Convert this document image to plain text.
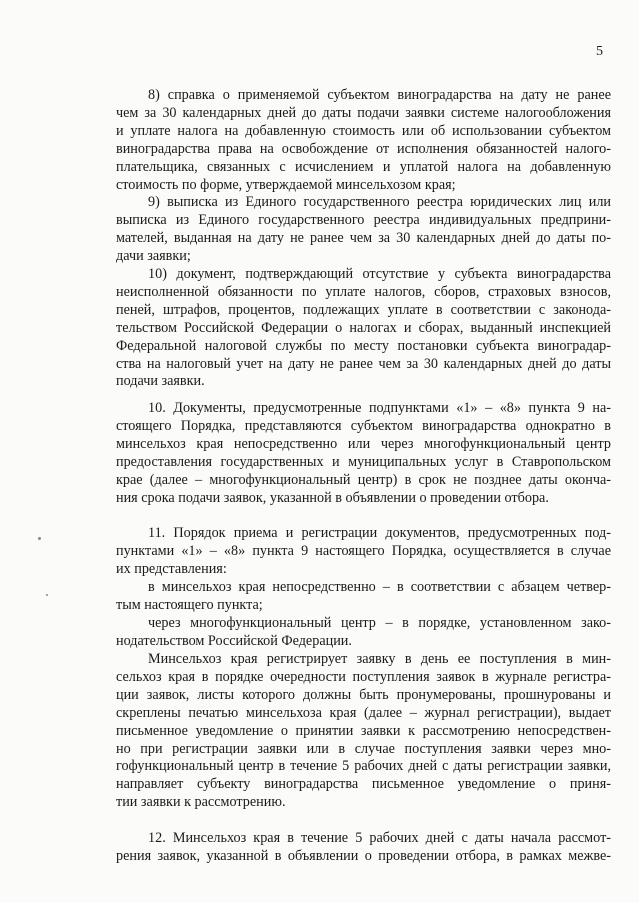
5
8) справка о применяемой субъектом виноградарства на дату не ранее
чем за 30 календарных дней до даты подачи заявки системе налогообложения
и уплате налога на добавленную стоимость или об использовании субъектом
виноградарства права на освобождение от исполнения обязанностей налого-
плательщика, связанных с исчислением и уплатой налога на добавленную
стоимость по форме, утверждаемой минсельхозом края;
9) выписка из Единого государственного реестра юридических лиц или
выписка из Единого государственного реестра индивидуальных предприни-
мателей, выданная на дату не ранее чем за 30 календарных дней до даты по-
дачи заявки;
10) документ, подтверждающий отсутствие у субъекта виноградарства
неисполненной обязанности по уплате налогов, сборов, страховых взносов,
пеней, штрафов, процентов, подлежащих уплате в соответствии с законода-
тельством Российской Федерации о налогах и сборах, выданный инспекцией
Федеральной налоговой службы по месту постановки субъекта виноградар-
ства на налоговый учет на дату не ранее чем за 30 календарных дней до даты
подачи заявки.
10. Документы, предусмотренные подпунктами «1» – «8» пункта 9 на-
стоящего Порядка, представляются субъектом виноградарства однократно в
минсельхоз края непосредственно или через многофункциональный центр
предоставления государственных и муниципальных услуг в Ставропольском
крае (далее – многофункциональный центр) в срок не позднее даты оконча-
ния срока подачи заявок, указанной в объявлении о проведении отбора.
11. Порядок приема и регистрации документов, предусмотренных под-
пунктами «1» – «8» пункта 9 настоящего Порядка, осуществляется в случае
их представления:
в минсельхоз края непосредственно – в соответствии с абзацем четвер-
тым настоящего пункта;
через многофункциональный центр – в порядке, установленном зако-
нодательством Российской Федерации.
Минсельхоз края регистрирует заявку в день ее поступления в мин-
сельхоз края в порядке очередности поступления заявок в журнале регистра-
ции заявок, листы которого должны быть пронумерованы, прошнурованы и
скреплены печатью минсельхоза края (далее – журнал регистрации), выдает
письменное уведомление о принятии заявки к рассмотрению непосредствен-
но при регистрации заявки или в случае поступления заявки через мно-
гофункциональный центр в течение 5 рабочих дней с даты регистрации заявки,
направляет субъекту виноградарства письменное уведомление о приня-
тии заявки к рассмотрению.
12. Минсельхоз края в течение 5 рабочих дней с даты начала рассмот-
рения заявок, указанной в объявлении о проведении отбора, в рамках межве-
